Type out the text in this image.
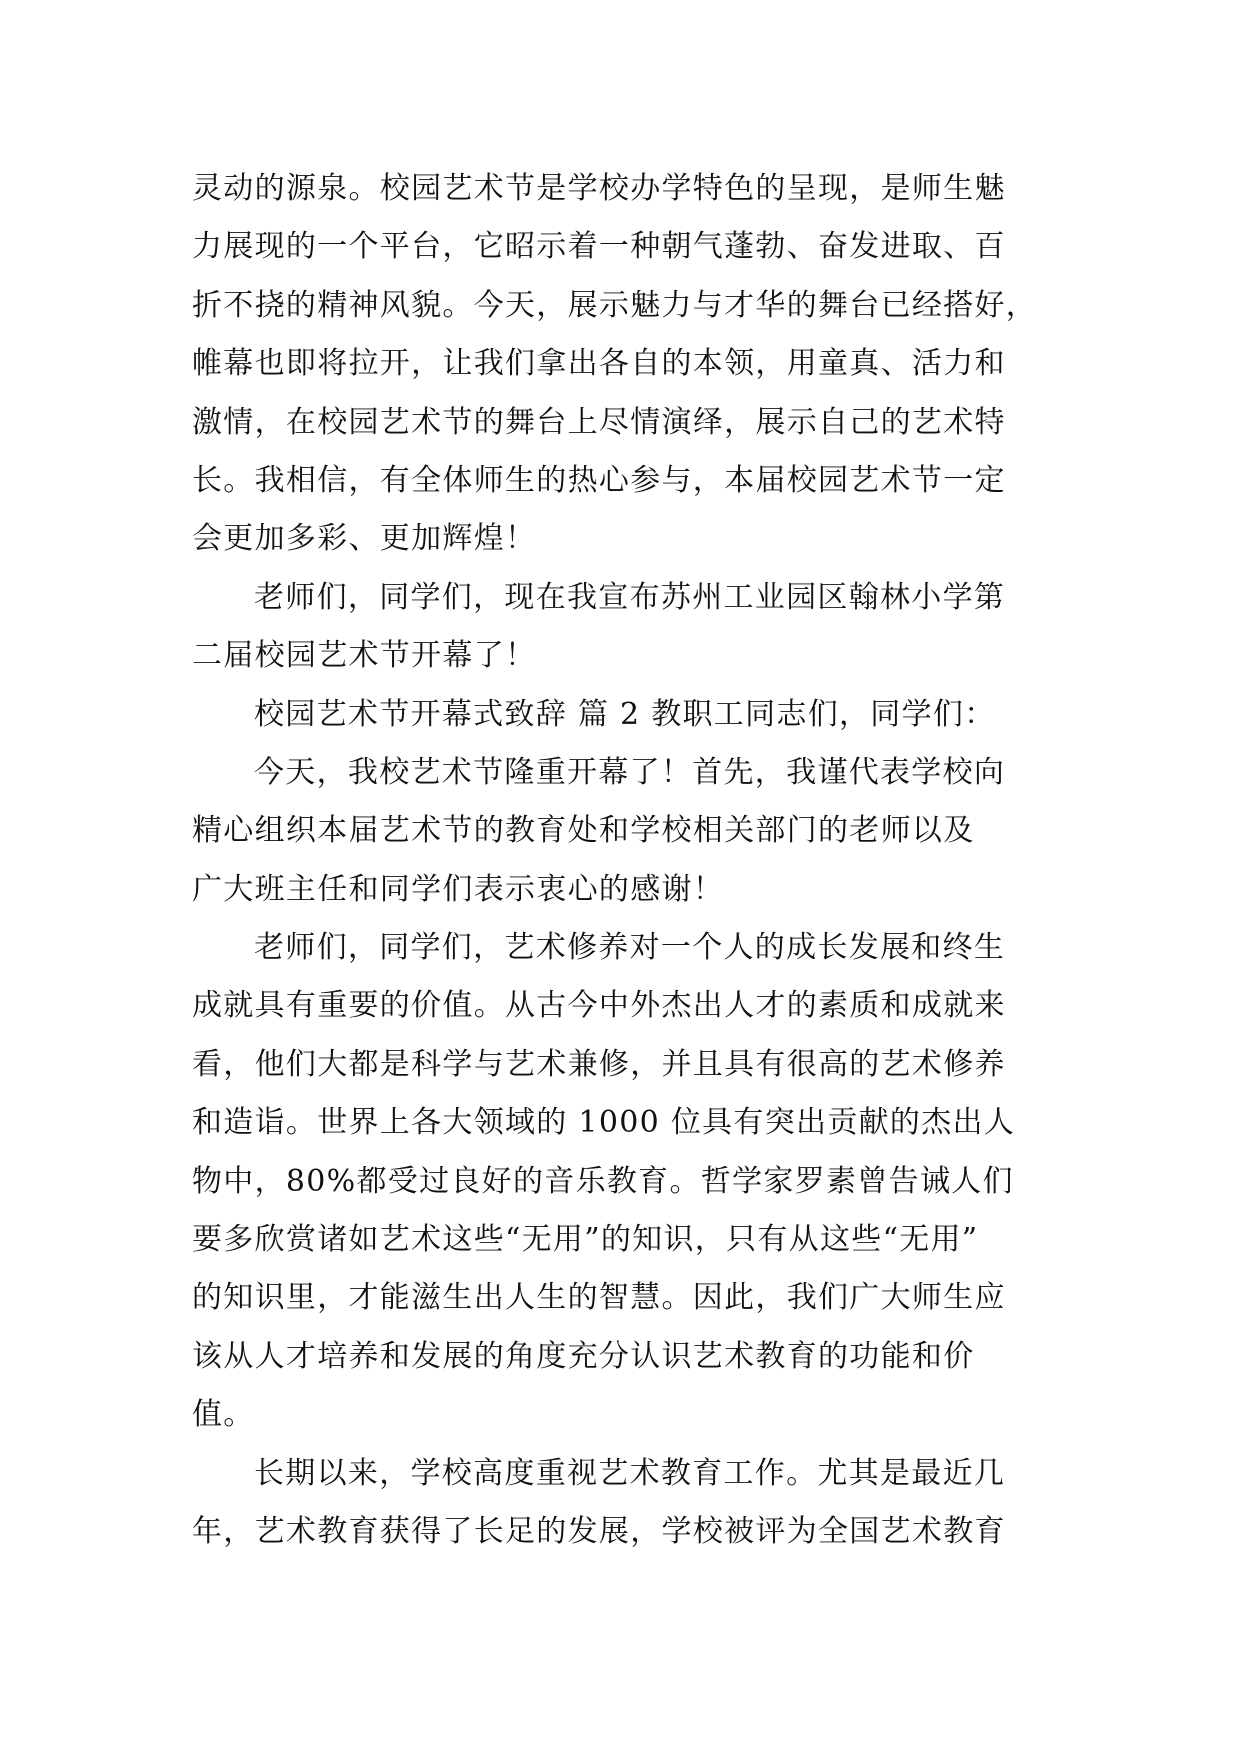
灵动的源泉。校园艺术节是学校办学特色的呈现，是师生魅
力展现的一个平台，它昭示着一种朝气蓬勃、奋发进取、百
折不挠的精神风貌。今天，展示魅力与才华的舞台已经搭好，
帷幕也即将拉开，让我们拿出各自的本领，用童真、活力和
激情，在校园艺术节的舞台上尽情演绎，展示自己的艺术特
长。我相信，有全体师生的热心参与，本届校园艺术节一定
会更加多彩、更加辉煌！
老师们，同学们，现在我宣布苏州工业园区翰林小学第
二届校园艺术节开幕了！
校园艺术节开幕式致辞 篇 2 教职工同志们，同学们：
今天，我校艺术节隆重开幕了！首先，我谨代表学校向
精心组织本届艺术节的教育处和学校相关部门的老师以及
广大班主任和同学们表示衷心的感谢！
老师们，同学们，艺术修养对一个人的成长发展和终生
成就具有重要的价值。从古今中外杰出人才的素质和成就来
看，他们大都是科学与艺术兼修，并且具有很高的艺术修养
和造诣。世界上各大领域的 1000 位具有突出贡献的杰出人
物中，80%都受过良好的音乐教育。哲学家罗素曾告诫人们
要多欣赏诸如艺术这些“无用”的知识，只有从这些“无用”
的知识里，才能滋生出人生的智慧。因此，我们广大师生应
该从人才培养和发展的角度充分认识艺术教育的功能和价
值。
长期以来，学校高度重视艺术教育工作。尤其是最近几
年，艺术教育获得了长足的发展，学校被评为全国艺术教育
